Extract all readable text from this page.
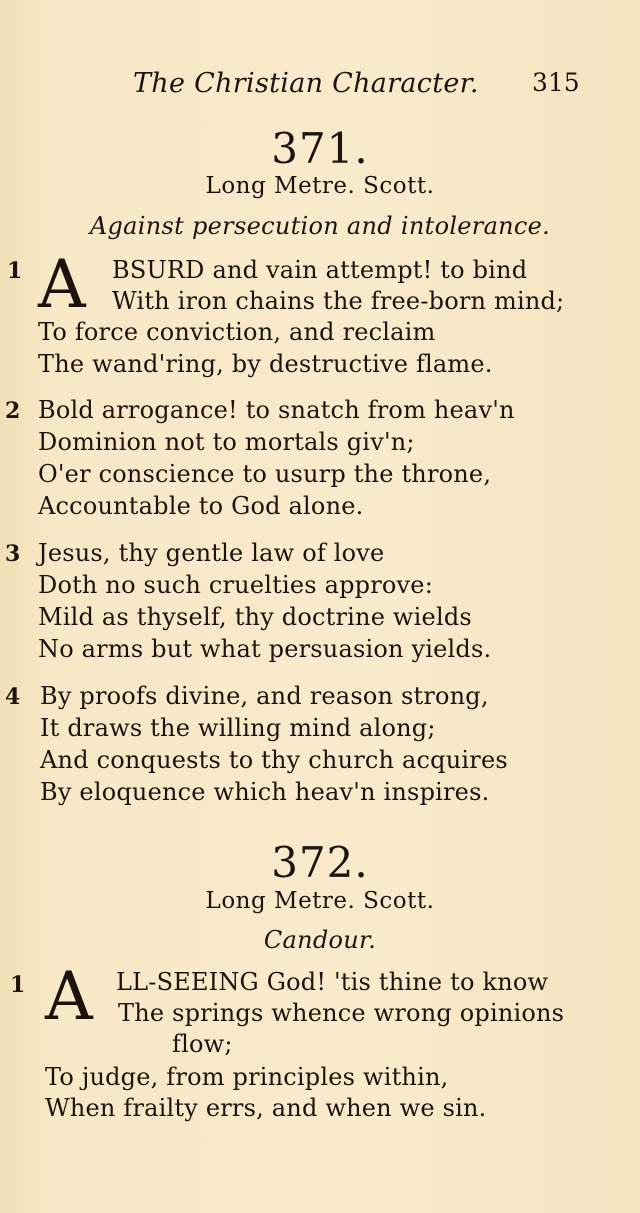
The Christian Character. 315
371.
Long Metre. Scott.
Against persecution and intolerance.
1 A BSURD and vain attempt! to bind
With iron chains the free-born mind;
To force conviction, and reclaim
The wand'ring, by destructive flame.
2 Bold arrogance! to snatch from heav'n
Dominion not to mortals giv'n;
O'er conscience to usurp the throne,
Accountable to God alone.
3 Jesus, thy gentle law of love
Doth no such cruelties approve:
Mild as thyself, thy doctrine wields
No arms but what persuasion yields.
4 By proofs divine, and reason strong,
It draws the willing mind along;
And conquests to thy church acquires
By eloquence which heav'n inspires.
372.
Long Metre. Scott.
Candour.
1 A LL-SEEING God! 'tis thine to know
The springs whence wrong opinions
flow;
To judge, from principles within,
When frailty errs, and when we sin.
